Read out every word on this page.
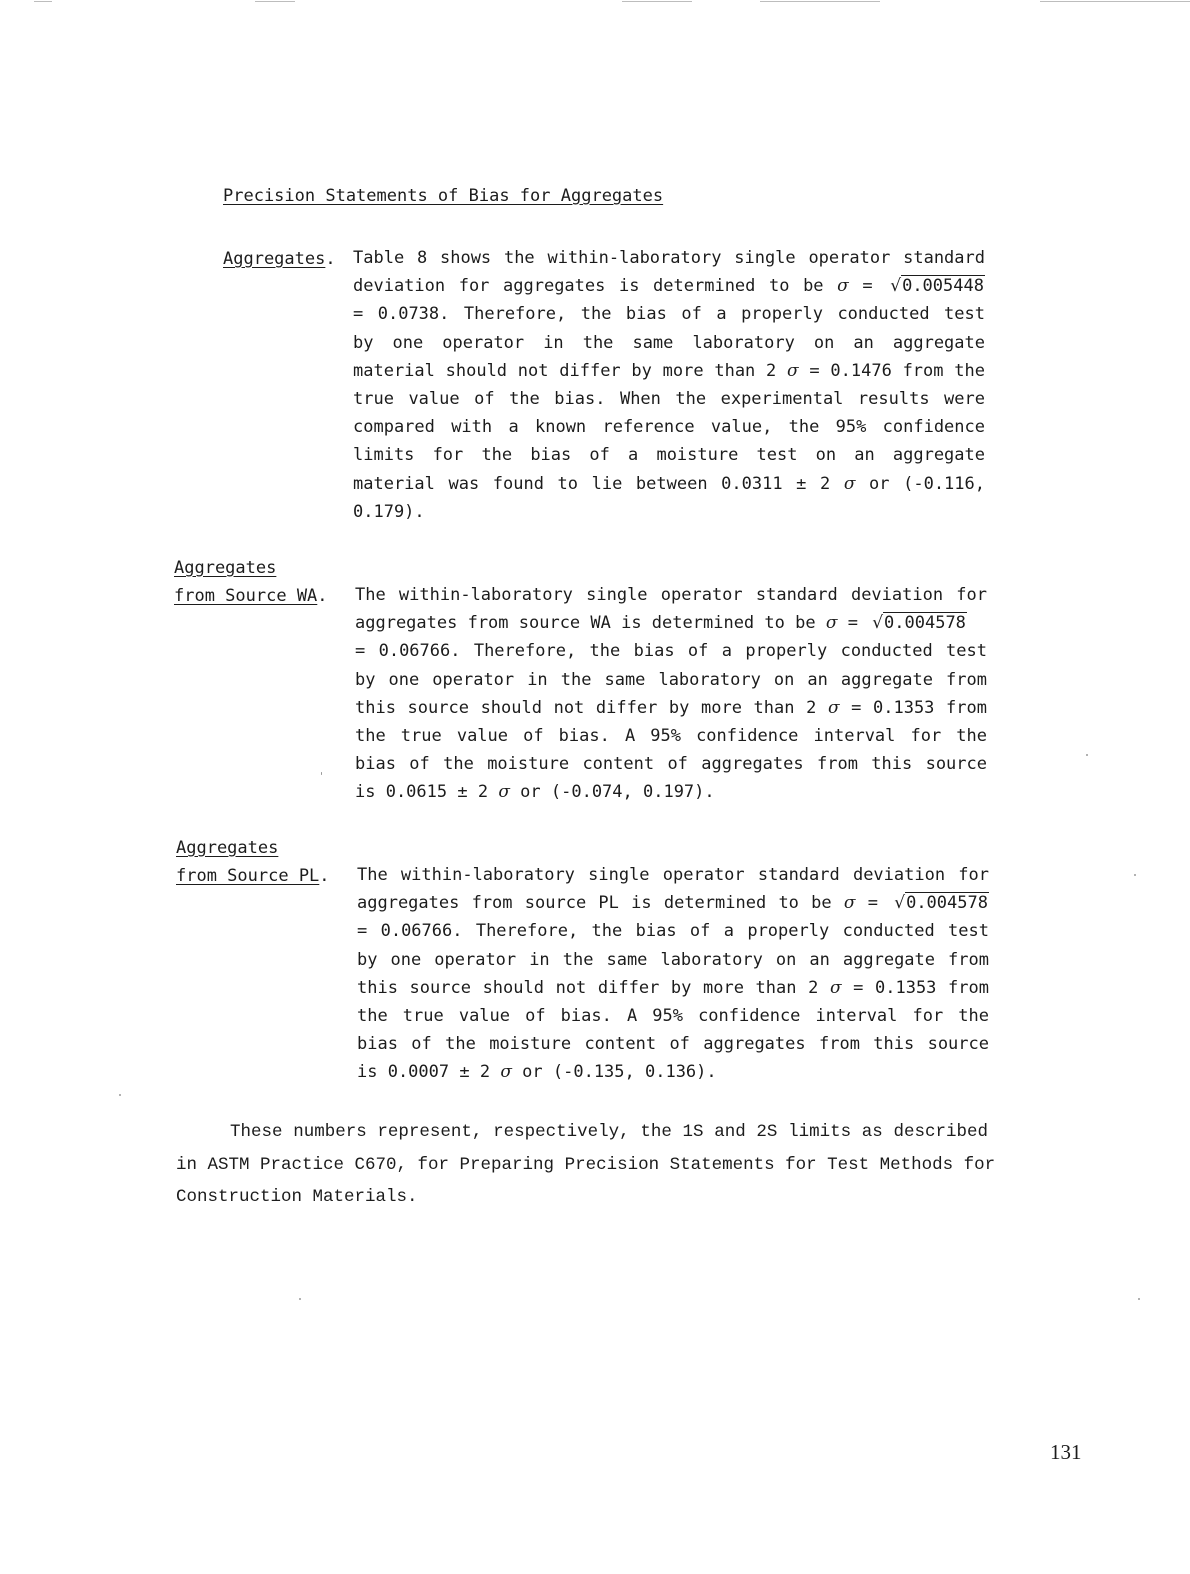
Precision Statements of Bias for Aggregates
Aggregates. Table 8 shows the within-laboratory single operator standard
deviation for aggregates is determined to be σ = √0.005448
= 0.0738. Therefore, the bias of a properly conducted test
by one operator in the same laboratory on an aggregate
material should not differ by more than 2 σ = 0.1476 from the
true value of the bias. When the experimental results were
compared with a known reference value, the 95% confidence
limits for the bias of a moisture test on an aggregate
material was found to lie between 0.0311 ± 2 σ or (-0.116,
0.179).
Aggregates
from Source WA. The within-laboratory single operator standard deviation for
aggregates from source WA is determined to be σ = √0.004578
= 0.06766. Therefore, the bias of a properly conducted test
by one operator in the same laboratory on an aggregate from
this source should not differ by more than 2 σ = 0.1353 from
the true value of bias. A 95% confidence interval for the
bias of the moisture content of aggregates from this source
is 0.0615 ± 2 σ or (-0.074, 0.197).
Aggregates
from Source PL. The within-laboratory single operator standard deviation for
aggregates from source PL is determined to be σ = √0.004578
= 0.06766. Therefore, the bias of a properly conducted test
by one operator in the same laboratory on an aggregate from
this source should not differ by more than 2 σ = 0.1353 from
the true value of bias. A 95% confidence interval for the
bias of the moisture content of aggregates from this source
is 0.0007 ± 2 σ or (-0.135, 0.136).
These numbers represent, respectively, the 1S and 2S limits as described
in ASTM Practice C670, for Preparing Precision Statements for Test Methods for
Construction Materials.
131
